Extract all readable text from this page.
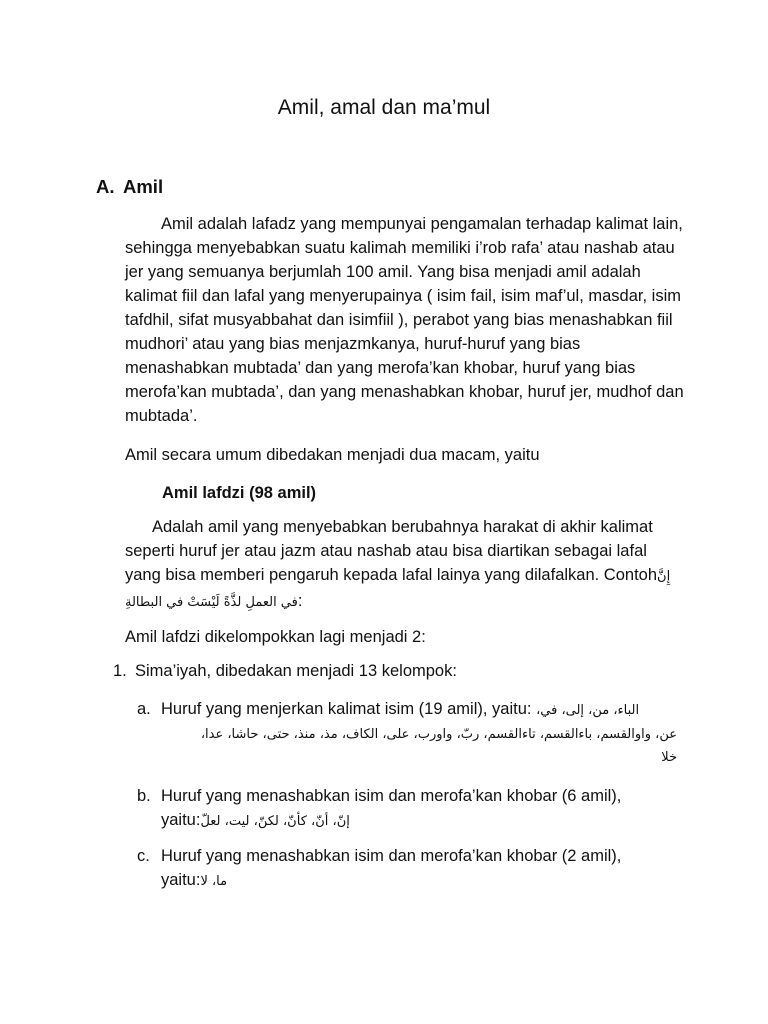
Amil, amal dan ma’mul
A. Amil
Amil adalah lafadz yang mempunyai pengamalan terhadap kalimat lain, sehingga menyebabkan suatu kalimah memiliki i’rob rafa’ atau nashab atau jer yang semuanya berjumlah 100 amil. Yang bisa menjadi amil adalah kalimat fiil dan lafal yang menyerupainya ( isim fail, isim maf’ul, masdar, isim tafdhil, sifat musyabbahat dan isimfiil ), perabot yang bias menashabkan fiil mudhori’ atau yang bias menjazmkanya, huruf-huruf yang bias menashabkan mubtada’ dan yang merofa’kan khobar, huruf yang bias merofa’kan mubtada’, dan yang menashabkan khobar, huruf jer, mudhof dan mubtada’.
Amil secara umum dibedakan menjadi dua macam, yaitu
Amil lafdzi (98 amil)
Adalah amil yang menyebabkan berubahnya harakat di akhir kalimat seperti huruf jer atau jazm atau nashab atau bisa diartikan sebagai lafal yang bisa memberi pengaruh kepada lafal lainya yang dilafalkan. Contohإِنَّ في العملِ لذَّةً لَيْسَتْ في البطالةِ:
Amil lafdzi dikelompokkan lagi menjadi 2:
1. Sima’iyah, dibedakan menjadi 13 kelompok:
a. Huruf yang menjerkan kalimat isim (19 amil), yaitu: الباء، من، إلى، في،
عن، واوالقسم، باءالقسم، تاءالقسم، ربّ، واورب، على، الكاف، مذ، منذ، حتى، حاشا، عدا،
خلا
b. Huruf yang menashabkan isim dan merofa’kan khobar (6 amil), yaitu:إنّ، أنّ، كأنّ، لكنّ، ليت، لعلّ
c. Huruf yang menashabkan isim dan merofa’kan khobar (2 amil), yaitu:ما، لا
